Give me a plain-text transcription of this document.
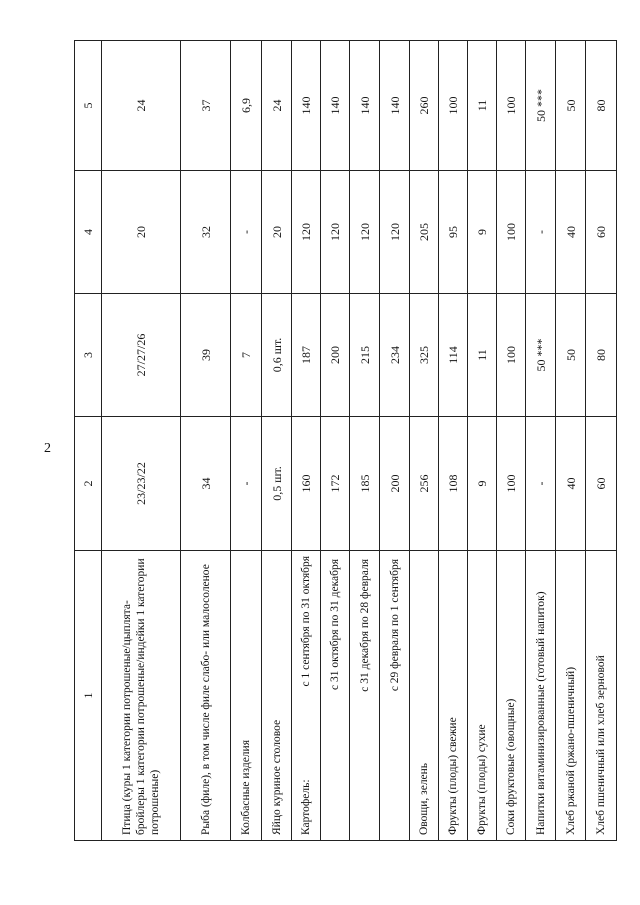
2
1	2	3	4	5
Птица (куры 1 категории потрошеные/цыплята-бройлеры 1 категории потрошеные/индейки 1 категории потрошеные)	23/23/22	27/27/26	20	24
Рыба (филе), в том числе филе слабо- или малосоленое	34	39	32	37
Колбасные изделия	-	7	-	6,9
Яйцо куриное столовое	0,5 шт.	0,6 шт.	20	24
Картофель:
с 1 сентября по 31 октября	160	187	120	140
с 31 октября по 31 декабря	172	200	120	140
с 31 декабря по 28 февраля	185	215	120	140
с 29 февраля по 1 сентября	200	234	120	140
Овощи, зелень	256	325	205	260
Фрукты (плоды) свежие	108	114	95	100
Фрукты (плоды) сухие	9	11	9	11
Соки фруктовые (овощные)	100	100	100	100
Напитки витаминизированные (готовый напиток)	-	50 ***	-	50 ***
Хлеб ржаной (ржано-пшеничный)	40	50	40	50
Хлеб пшеничный или хлеб зерновой	60	80	60	80
